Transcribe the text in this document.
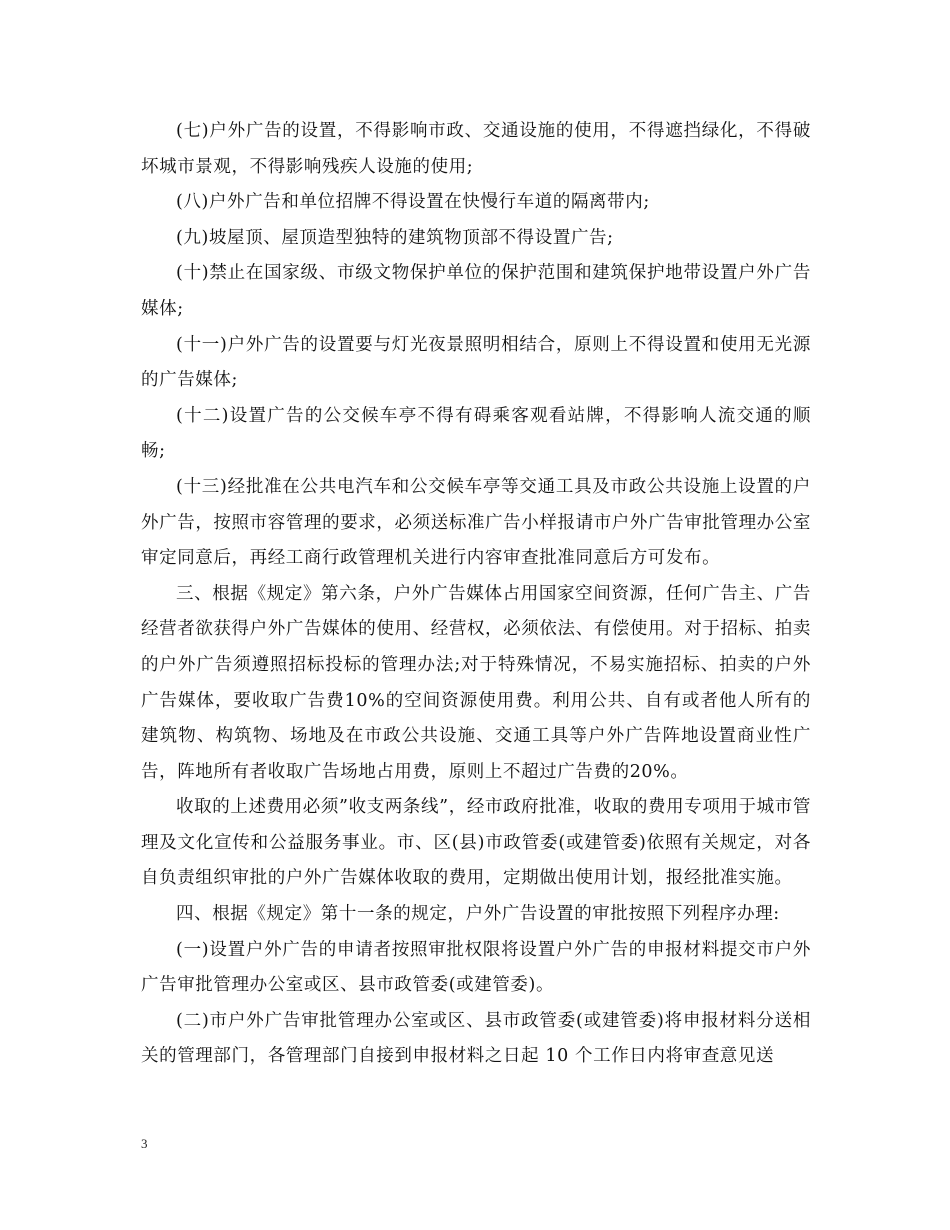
(七)户外广告的设置，不得影响市政、交通设施的使用，不得遮挡绿化，不得破坏城市景观，不得影响残疾人设施的使用;

(八)户外广告和单位招牌不得设置在快慢行车道的隔离带内;

(九)坡屋顶、屋顶造型独特的建筑物顶部不得设置广告;

(十)禁止在国家级、市级文物保护单位的保护范围和建筑保护地带设置户外广告媒体;

(十一)户外广告的设置要与灯光夜景照明相结合，原则上不得设置和使用无光源的广告媒体;

(十二)设置广告的公交候车亭不得有碍乘客观看站牌，不得影响人流交通的顺畅;

(十三)经批准在公共电汽车和公交候车亭等交通工具及市政公共设施上设置的户外广告，按照市容管理的要求，必须送标准广告小样报请市户外广告审批管理办公室审定同意后，再经工商行政管理机关进行内容审查批准同意后方可发布。

三、根据《规定》第六条，户外广告媒体占用国家空间资源，任何广告主、广告经营者欲获得户外广告媒体的使用、经营权，必须依法、有偿使用。对于招标、拍卖的户外广告须遵照招标投标的管理办法;对于特殊情况，不易实施招标、拍卖的户外广告媒体，要收取广告费10%的空间资源使用费。利用公共、自有或者他人所有的建筑物、构筑物、场地及在市政公共设施、交通工具等户外广告阵地设置商业性广告，阵地所有者收取广告场地占用费，原则上不超过广告费的20%。

收取的上述费用必须”收支两条线”，经市政府批准，收取的费用专项用于城市管理及文化宣传和公益服务事业。市、区(县)市政管委(或建管委)依照有关规定，对各自负责组织审批的户外广告媒体收取的费用，定期做出使用计划，报经批准实施。

四、根据《规定》第十一条的规定，户外广告设置的审批按照下列程序办理:

(一)设置户外广告的申请者按照审批权限将设置户外广告的申报材料提交市户外广告审批管理办公室或区、县市政管委(或建管委)。

(二)市户外广告审批管理办公室或区、县市政管委(或建管委)将申报材料分送相关的管理部门，各管理部门自接到申报材料之日起 10 个工作日内将审查意见送

3
